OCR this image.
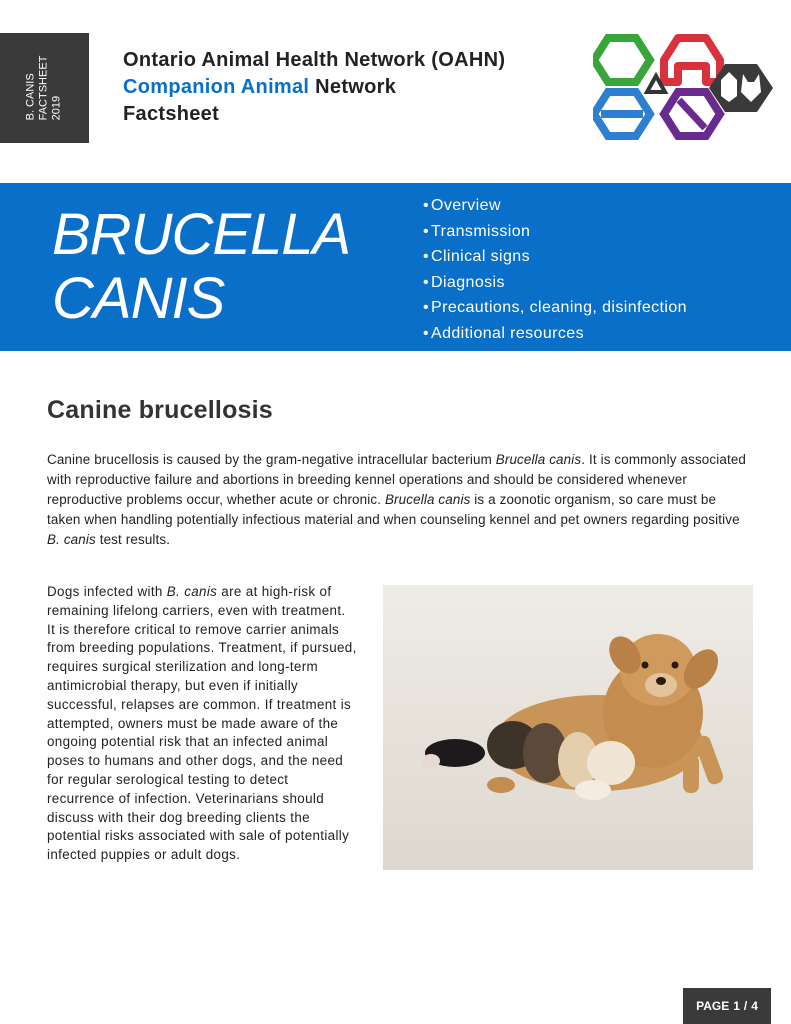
B. CANIS FACTSHEET 2019
Ontario Animal Health Network (OAHN)
Companion Animal Network
Factsheet
BRUCELLA
CANIS
• Overview
• Transmission
• Clinical signs
• Diagnosis
• Precautions, cleaning, disinfection
• Additional resources
Canine brucellosis

Canine brucellosis is caused by the gram-negative intracellular bacterium Brucella canis. It is commonly associated with reproductive failure and abortions in breeding kennel operations and should be considered whenever reproductive problems occur, whether acute or chronic. Brucella canis is a zoonotic organism, so care must be taken when handling potentially infectious material and when counseling kennel and pet owners regarding positive B. canis test results.

Dogs infected with B. canis are at high-risk of remaining lifelong carriers, even with treatment. It is therefore critical to remove carrier animals from breeding populations. Treatment, if pursued, requires surgical sterilization and long-term antimicrobial therapy, but even if initially successful, relapses are common. If treatment is attempted, owners must be made aware of the ongoing potential risk that an infected animal poses to humans and other dogs, and the need for regular serological testing to detect recurrence of infection. Veterinarians should discuss with their dog breeding clients the potential risks associated with sale of potentially infected puppies or adult dogs.

PAGE 1 / 4
